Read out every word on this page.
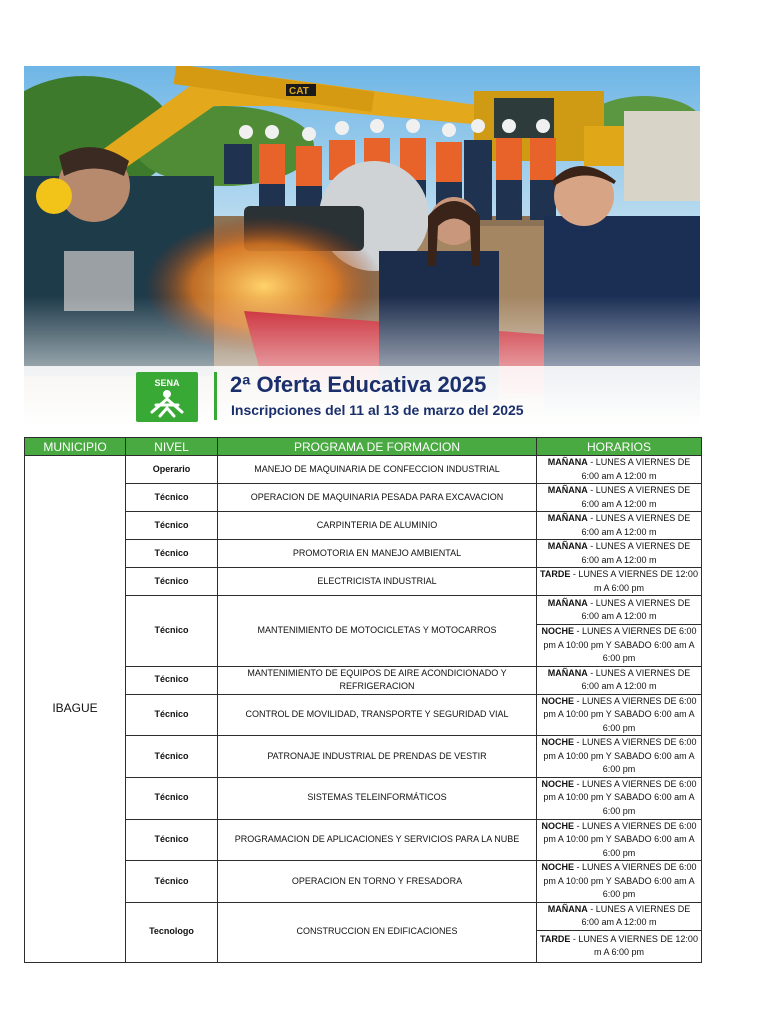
CAT
SENA 2ª Oferta Educativa 2025
Inscripciones del 11 al 13 de marzo del 2025
MUNICIPIO	NIVEL	PROGRAMA DE FORMACION	HORARIOS
IBAGUE	Operario	MANEJO DE MAQUINARIA DE CONFECCION INDUSTRIAL	MAÑANA - LUNES A VIERNES DE 6:00 am A 12:00 m
	Técnico	OPERACION DE MAQUINARIA PESADA PARA EXCAVACION	MAÑANA - LUNES A VIERNES DE 6:00 am A 12:00 m
	Técnico	CARPINTERIA DE ALUMINIO	MAÑANA - LUNES A VIERNES DE 6:00 am A 12:00 m
	Técnico	PROMOTORIA EN MANEJO AMBIENTAL	MAÑANA - LUNES A VIERNES DE 6:00 am A 12:00 m
	Técnico	ELECTRICISTA INDUSTRIAL	TARDE - LUNES A VIERNES DE 12:00 m A 6:00 pm
	Técnico	MANTENIMIENTO DE MOTOCICLETAS Y MOTOCARROS	MAÑANA - LUNES A VIERNES DE 6:00 am A 12:00 m
			NOCHE - LUNES A VIERNES DE 6:00 pm A 10:00 pm Y SABADO 6:00 am A 6:00 pm
	Técnico	MANTENIMIENTO DE EQUIPOS DE AIRE ACONDICIONADO Y REFRIGERACION	MAÑANA - LUNES A VIERNES DE 6:00 am A 12:00 m
	Técnico	CONTROL DE MOVILIDAD, TRANSPORTE Y SEGURIDAD VIAL	NOCHE - LUNES A VIERNES DE 6:00 pm A 10:00 pm Y SABADO 6:00 am A 6:00 pm
	Técnico	PATRONAJE INDUSTRIAL DE PRENDAS DE VESTIR	NOCHE - LUNES A VIERNES DE 6:00 pm A 10:00 pm Y SABADO 6:00 am A 6:00 pm
	Técnico	SISTEMAS TELEINFORMÁTICOS	NOCHE - LUNES A VIERNES DE 6:00 pm A 10:00 pm Y SABADO 6:00 am A 6:00 pm
	Técnico	PROGRAMACION DE APLICACIONES Y SERVICIOS PARA LA NUBE	NOCHE - LUNES A VIERNES DE 6:00 pm A 10:00 pm Y SABADO 6:00 am A 6:00 pm
	Técnico	OPERACION EN TORNO Y FRESADORA	NOCHE - LUNES A VIERNES DE 6:00 pm A 10:00 pm Y SABADO 6:00 am A 6:00 pm
	Tecnologo	CONSTRUCCION EN EDIFICACIONES	MAÑANA - LUNES A VIERNES DE 6:00 am A 12:00 m
			TARDE - LUNES A VIERNES DE 12:00 m A 6:00 pm
